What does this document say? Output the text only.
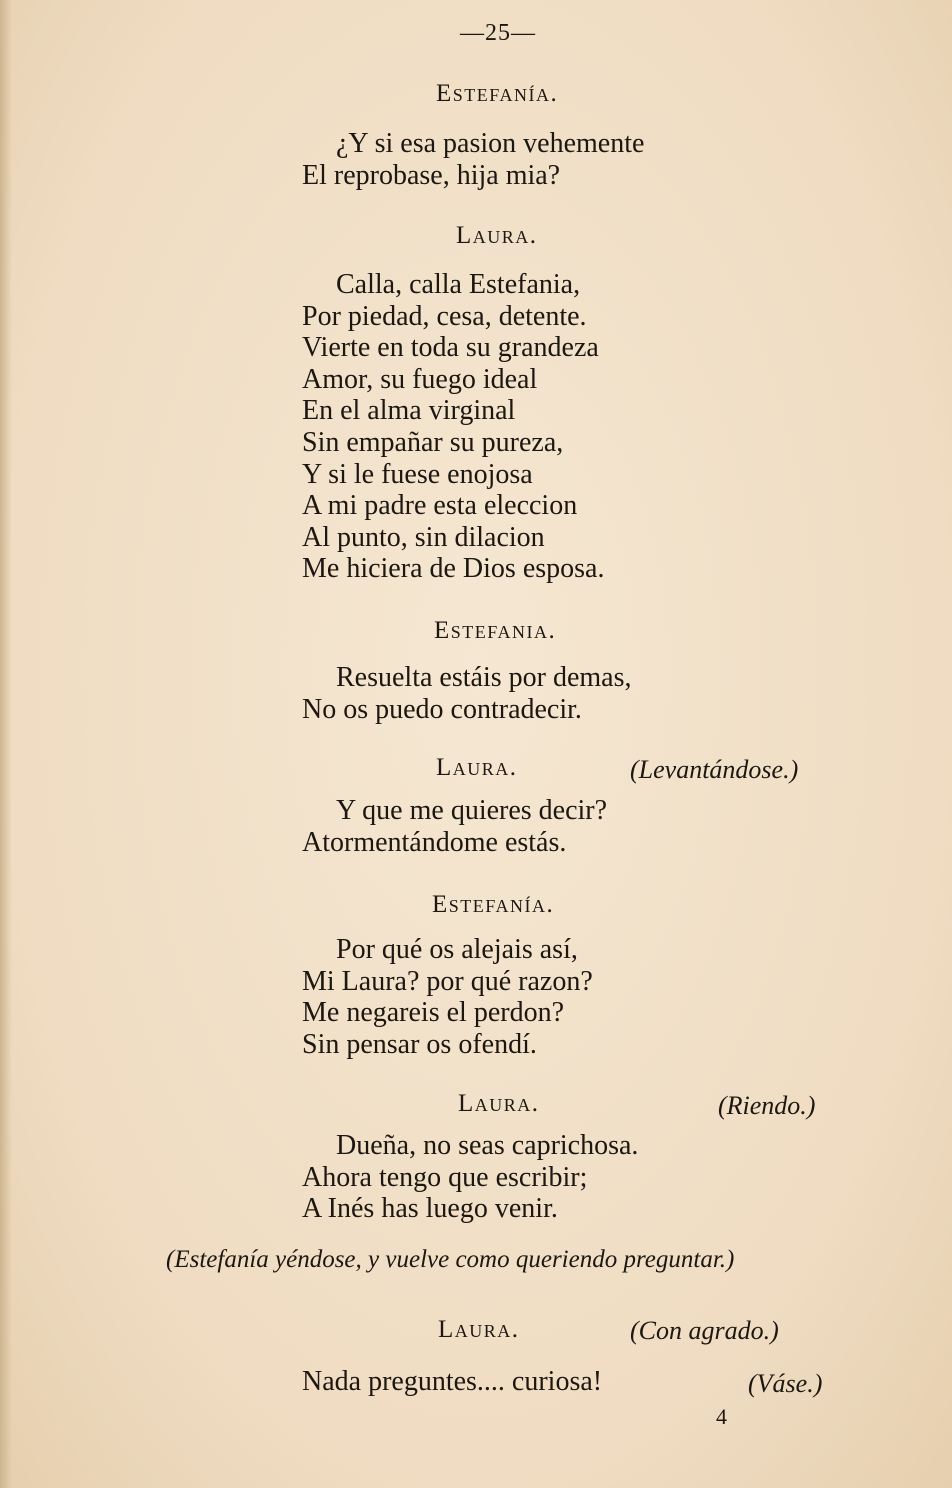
—25—
Estefanía.
¿Y si esa pasion vehemente
El reprobase, hija mia?
Laura.
Calla, calla Estefania,
Por piedad, cesa, detente.
Vierte en toda su grandeza
Amor, su fuego ideal
En el alma virginal
Sin empañar su pureza,
Y si le fuese enojosa
A mi padre esta eleccion
Al punto, sin dilacion
Me hiciera de Dios esposa.
Estefania.
Resuelta estáis por demas,
No os puedo contradecir.
Laura.	(Levantándose.)
Y que me quieres decir?
Atormentándome estás.
Estefanía.
Por qué os alejais así,
Mi Laura? por qué razon?
Me negareis el perdon?
Sin pensar os ofendí.
Laura.	(Riendo.)
Dueña, no seas caprichosa.
Ahora tengo que escribir;
A Inés has luego venir.
(Estefanía yéndose, y vuelve como queriendo preguntar.)
Laura.	(Con agrado.)
Nada preguntes.... curiosa!	(Váse.)
4
